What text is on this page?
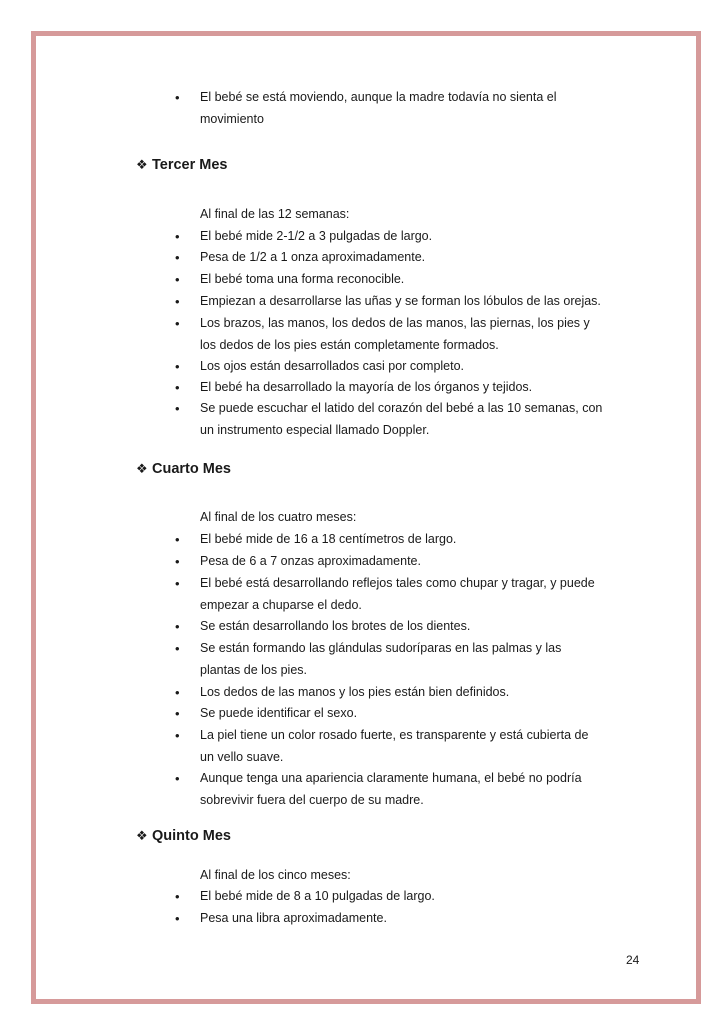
• El bebé se está moviendo, aunque la madre todavía no sienta el movimiento
❖ Tercer Mes
Al final de las 12 semanas:
• El bebé mide 2-1/2 a 3 pulgadas de largo.
• Pesa de 1/2 a 1 onza aproximadamente.
• El bebé toma una forma reconocible.
• Empiezan a desarrollarse las uñas y se forman los lóbulos de las orejas.
• Los brazos, las manos, los dedos de las manos, las piernas, los pies y los dedos de los pies están completamente formados.
• Los ojos están desarrollados casi por completo.
• El bebé ha desarrollado la mayoría de los órganos y tejidos.
• Se puede escuchar el latido del corazón del bebé a las 10 semanas, con un instrumento especial llamado Doppler.
❖ Cuarto Mes
Al final de los cuatro meses:
• El bebé mide de 16 a 18 centímetros de largo.
• Pesa de 6 a 7 onzas aproximadamente.
• El bebé está desarrollando reflejos tales como chupar y tragar, y puede empezar a chuparse el dedo.
• Se están desarrollando los brotes de los dientes.
• Se están formando las glándulas sudoríparas en las palmas y las plantas de los pies.
• Los dedos de las manos y los pies están bien definidos.
• Se puede identificar el sexo.
• La piel tiene un color rosado fuerte, es transparente y está cubierta de un vello suave.
• Aunque tenga una apariencia claramente humana, el bebé no podría sobrevivir fuera del cuerpo de su madre.
❖ Quinto Mes
Al final de los cinco meses:
• El bebé mide de 8 a 10 pulgadas de largo.
• Pesa una libra aproximadamente.
24
